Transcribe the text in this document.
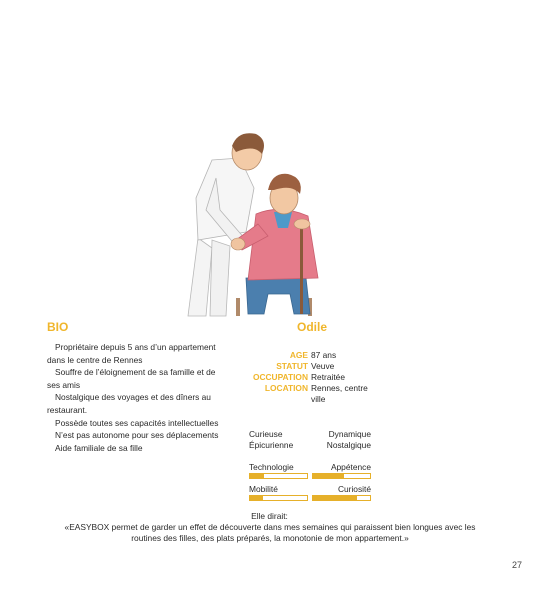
BIO
Propriétaire depuis 5 ans d’un appartement dans le centre de Rennes
Souffre de l’éloignement de sa famille et de ses amis
Nostalgique des voyages et des dîners au restaurant.
Possède toutes ses capacités intellectuelles
N’est pas autonome pour ses déplacements
Aide familiale de sa fille
Odile
AGE 87 ans
STATUT Veuve
OCCUPATION Retraitée
LOCATION Rennes, centre ville
Curieuse	Dynamique
Épicurienne	Nostalgique
Technologie	Appétence
Mobilité	Curiosité
Elle dirait:
«EASYBOX permet de garder un effet de découverte dans mes semaines qui paraissent bien longues avec les routines des filles, des plats préparés, la monotonie de mon appartement.»
27
